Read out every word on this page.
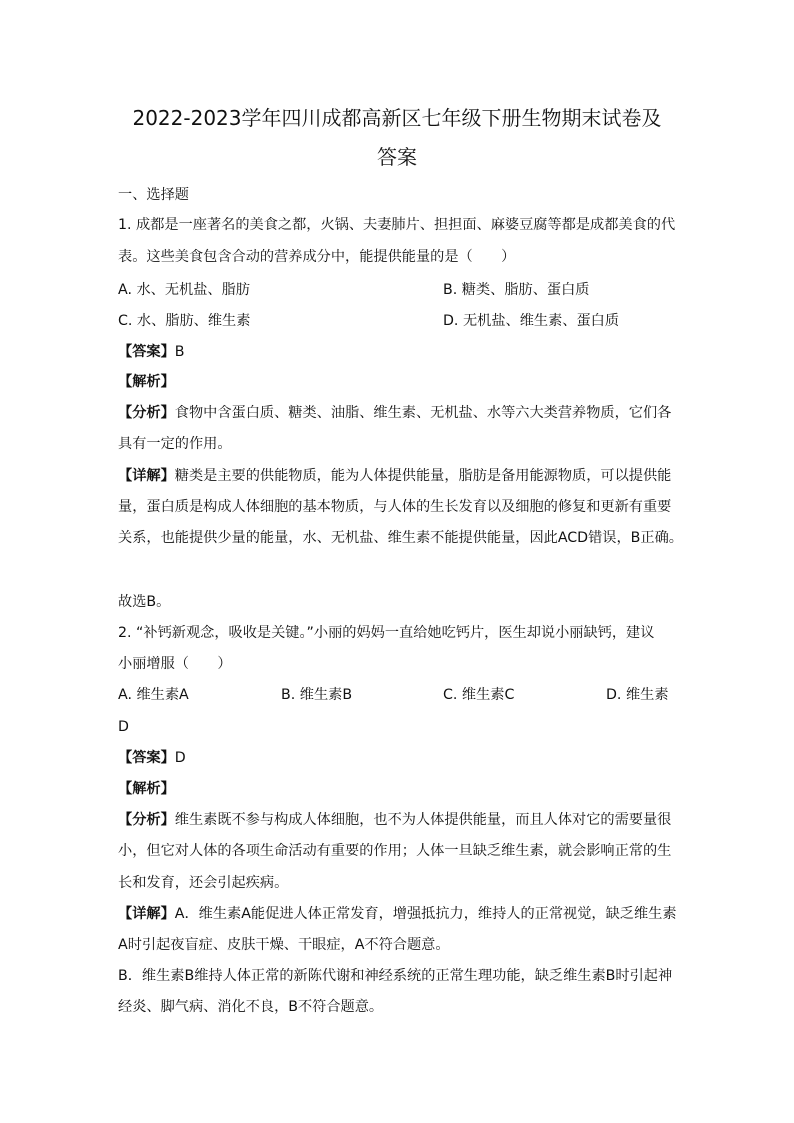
2022-2023学年四川成都高新区七年级下册生物期末试卷及
答案
一、选择题
1. 成都是一座著名的美食之都，火锅、夫妻肺片、担担面、麻婆豆腐等都是成都美食的代
表。这些美食包含合动的营养成分中，能提供能量的是（　　）
A. 水、无机盐、脂肪	B. 糖类、脂肪、蛋白质
C. 水、脂肪、维生素	D. 无机盐、维生素、蛋白质
【答案】B
【解析】
【分析】食物中含蛋白质、糖类、油脂、维生素、无机盐、水等六大类营养物质，它们各
具有一定的作用。
【详解】糖类是主要的供能物质，能为人体提供能量，脂肪是备用能源物质，可以提供能
量，蛋白质是构成人体细胞的基本物质，与人体的生长发育以及细胞的修复和更新有重要
关系，也能提供少量的能量，水、无机盐、维生素不能提供能量，因此ACD错误，B正确。
故选B。
2. “补钙新观念，吸收是关键。”小丽的妈妈一直给她吃钙片，医生却说小丽缺钙，建议
小丽增服（　　）
A. 维生素A	B. 维生素B	C. 维生素C	D. 维生素
D
【答案】D
【解析】
【分析】维生素既不参与构成人体细胞，也不为人体提供能量，而且人体对它的需要量很
小，但它对人体的各项生命活动有重要的作用；人体一旦缺乏维生素，就会影响正常的生
长和发育，还会引起疾病。
【详解】A．维生素A能促进人体正常发育，增强抵抗力，维持人的正常视觉，缺乏维生素
A时引起夜盲症、皮肤干燥、干眼症，A不符合题意。
B．维生素B维持人体正常的新陈代谢和神经系统的正常生理功能，缺乏维生素B时引起神
经炎、脚气病、消化不良，B不符合题意。
